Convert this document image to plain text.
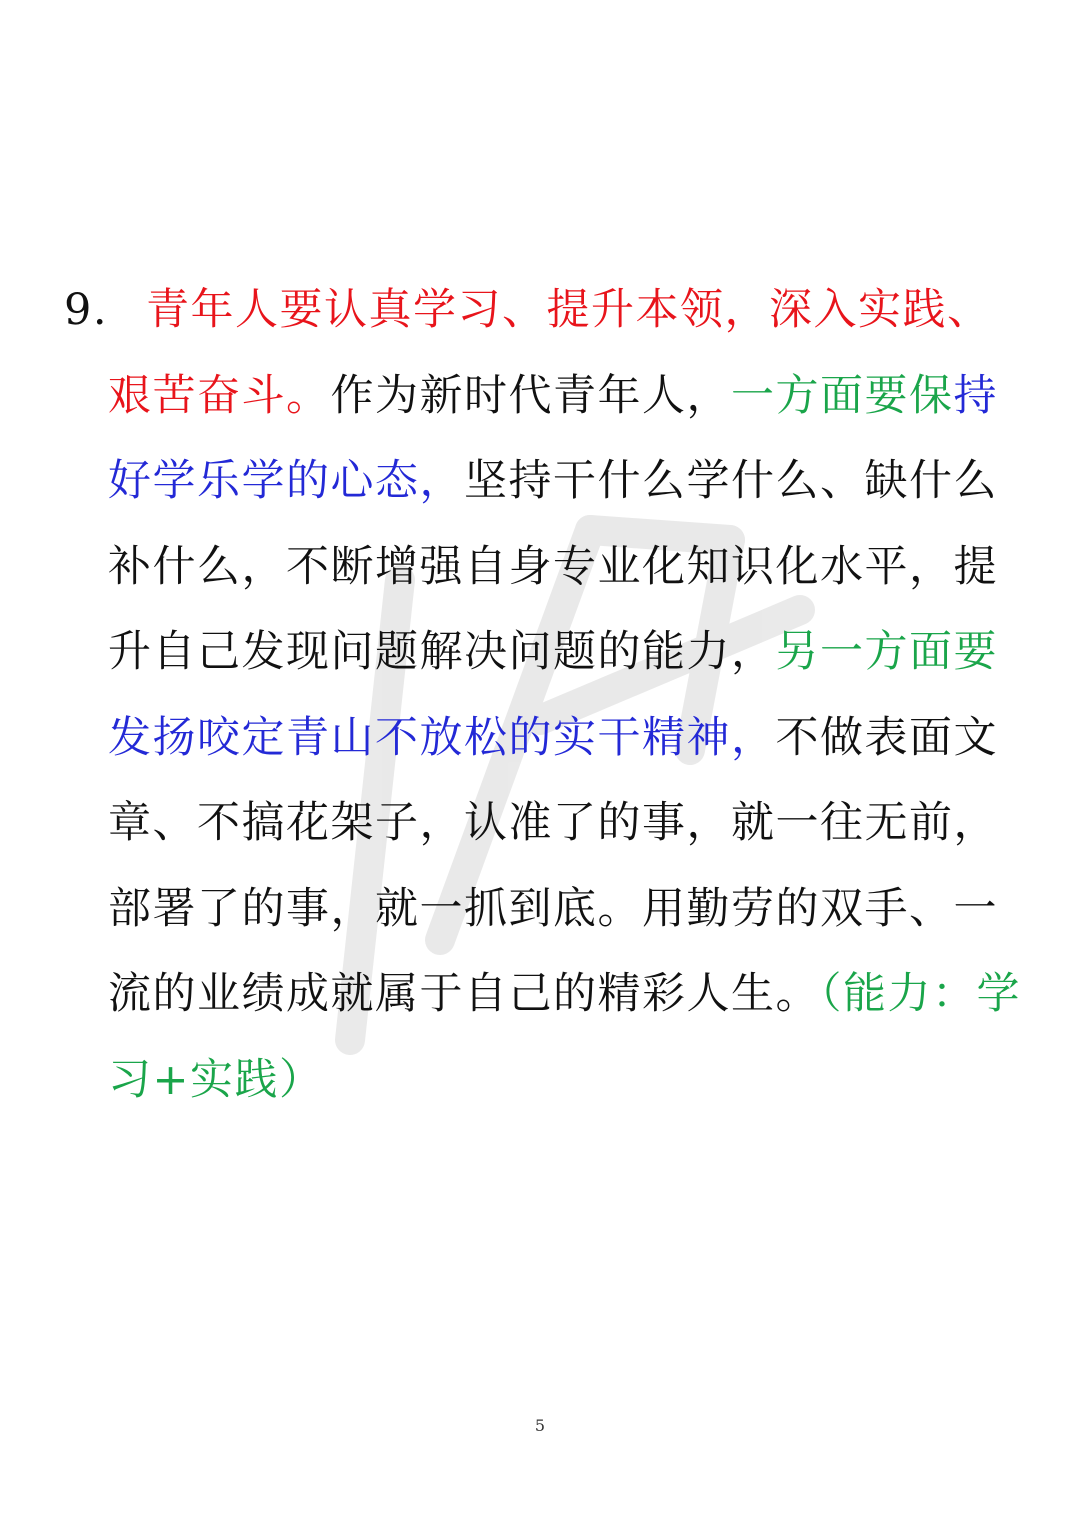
9. 青年人要认真学习、提升本领，深入实践、艰苦奋斗。作为新时代青年人，一方面要保持好学乐学的心态，坚持干什么学什么、缺什么补什么，不断增强自身专业化知识化水平，提升自己发现问题解决问题的能力，另一方面要发扬咬定青山不放松的实干精神，不做表面文章、不搞花架子，认准了的事，就一往无前，部署了的事，就一抓到底。用勤劳的双手、一流的业绩成就属于自己的精彩人生。（能力：学习+实践）
5
